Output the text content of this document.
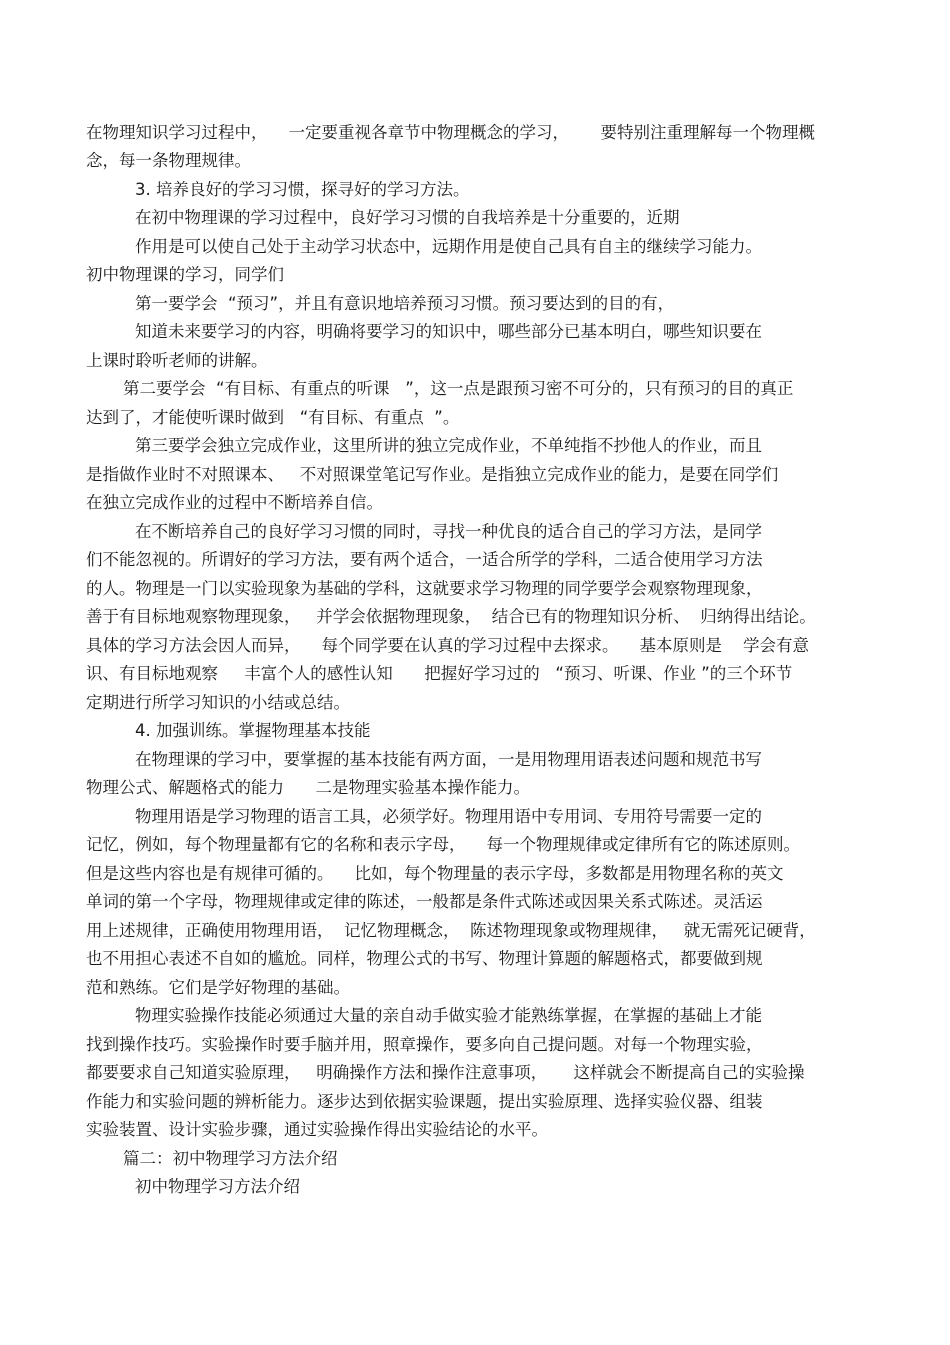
在物理知识学习过程中，    一定要重视各章节中物理概念的学习，      要特别注重理解每一个物理概
念，每一条物理规律。
3. 培养良好的学习习惯，探寻好的学习方法。
在初中物理课的学习过程中，良好学习习惯的自我培养是十分重要的，近期
作用是可以使自己处于主动学习状态中，远期作用是使自己具有自主的继续学习能力。
初中物理课的学习，同学们
第一要学会  “预习”，并且有意识地培养预习习惯。预习要达到的目的有，
知道未来要学习的内容，明确将要学习的知识中，哪些部分已基本明白，哪些知识要在
上课时聆听老师的讲解。
第二要学会  “有目标、有重点的听课   ”，这一点是跟预习密不可分的，只有预习的目的真正
达到了，才能使听课时做到   “有目标、有重点  ”。
第三要学会独立完成作业，这里所讲的独立完成作业，不单纯指不抄他人的作业，而且
是指做作业时不对照课本、   不对照课堂笔记写作业。是指独立完成作业的能力，是要在同学们
在独立完成作业的过程中不断培养自信。
在不断培养自己的良好学习习惯的同时，寻找一种优良的适合自己的学习方法，是同学
们不能忽视的。所谓好的学习方法，要有两个适合，一适合所学的学科，二适合使用学习方法
的人。物理是一门以实验现象为基础的学科，这就要求学习物理的同学要学会观察物理现象，
善于有目标地观察物理现象，   并学会依据物理现象，  结合已有的物理知识分析、  归纳得出结论。
具体的学习方法会因人而异，    每个同学要在认真的学习过程中去探求。    基本原则是    学会有意
识、有目标地观察     丰富个人的感性认知      把握好学习过的   “预习、听课、作业 ”的三个环节
定期进行所学习知识的小结或总结。
4. 加强训练。掌握物理基本技能
在物理课的学习中，要掌握的基本技能有两方面，一是用物理用语表述问题和规范书写
物理公式、解题格式的能力      二是物理实验基本操作能力。
物理用语是学习物理的语言工具，必须学好。物理用语中专用词、专用符号需要一定的
记忆，例如，每个物理量都有它的名称和表示字母，    每一个物理规律或定律所有它的陈述原则。
但是这些内容也是有规律可循的。    比如，每个物理量的表示字母，多数都是用物理名称的英文
单词的第一个字母，物理规律或定律的陈述，一般都是条件式陈述或因果关系式陈述。灵活运
用上述规律，正确使用物理用语，  记忆物理概念，  陈述物理现象或物理规律，   就无需死记硬背，
也不用担心表述不自如的尴尬。同样，物理公式的书写、物理计算题的解题格式，都要做到规
范和熟练。它们是学好物理的基础。
物理实验操作技能必须通过大量的亲自动手做实验才能熟练掌握，在掌握的基础上才能
找到操作技巧。实验操作时要手脑并用，照章操作，要多向自己提问题。对每一个物理实验，
都要要求自己知道实验原理，   明确操作方法和操作注意事项，     这样就会不断提高自己的实验操
作能力和实验问题的辨析能力。逐步达到依据实验课题，提出实验原理、选择实验仪器、组装
实验装置、设计实验步骤，通过实验操作得出实验结论的水平。
篇二：初中物理学习方法介绍
初中物理学习方法介绍
